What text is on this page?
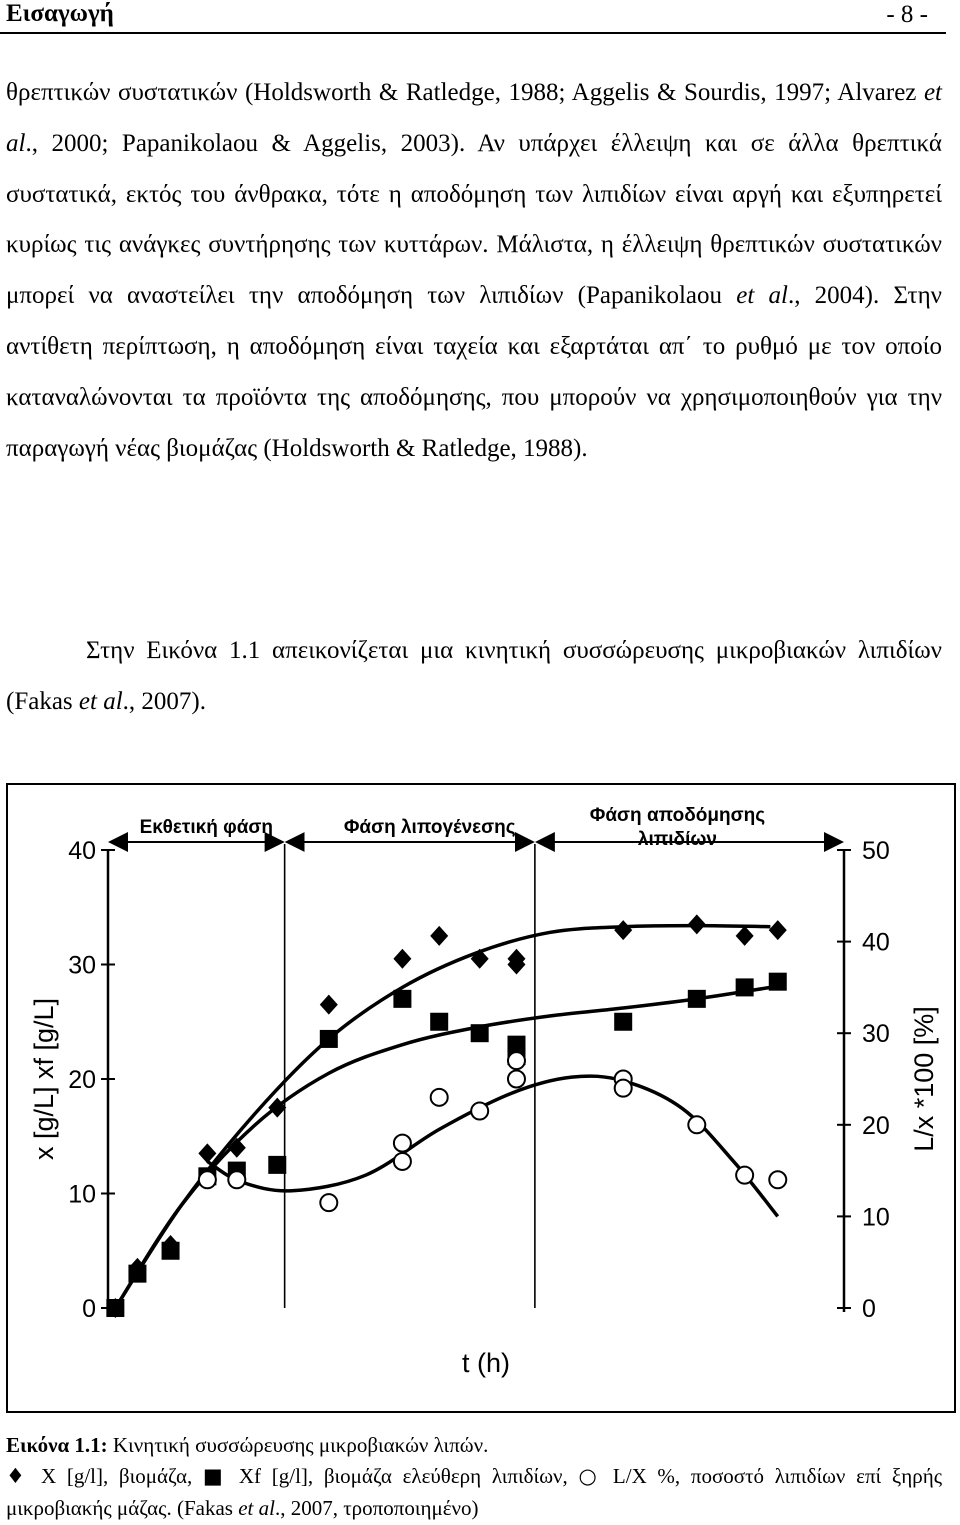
Εισαγωγή	- 8 -

θρεπτικών συστατικών (Holdsworth & Ratledge, 1988; Aggelis & Sourdis, 1997; Alvarez et al., 2000; Papanikolaou & Aggelis, 2003). Αν υπάρχει έλλειψη και σε άλλα θρεπτικά συστατικά, εκτός του άνθρακα, τότε η αποδόμηση των λιπιδίων είναι αργή και εξυπηρετεί κυρίως τις ανάγκες συντήρησης των κυττάρων. Μάλιστα, η έλλειψη θρεπτικών συστατικών μπορεί να αναστείλει την αποδόμηση των λιπιδίων (Papanikolaou et al., 2004). Στην αντίθετη περίπτωση, η αποδόμηση είναι ταχεία και εξαρτάται απ΄ το ρυθμό με τον οποίο καταναλώνονται τα προϊόντα της αποδόμησης, που μπορούν να χρησιμοποιηθούν για την παραγωγή νέας βιομάζας (Holdsworth & Ratledge, 1988).

Στην Εικόνα 1.1 απεικονίζεται μια κινητική συσσώρευσης μικροβιακών λιπιδίων (Fakas et al., 2007).

0
10
20
30
40
0
10
20
30
40
50
Εκθετική φάση	Φάση λιπογένεσης
Φάση αποδόμησης
λιπιδίων
x [g/L] xf [g/L]	L/x *100 [%]
t (h)

Εικόνα 1.1: Κινητική συσσώρευσης μικροβιακών λιπών.

♦ X [g/l], βιομάζα, ■ Xf [g/l], βιομάζα ελεύθερη λιπιδίων, ○ L/X %, ποσοστό λιπιδίων επί ξηρής μικροβιακής μάζας. (Fakas et al., 2007, τροποποιημένο)
